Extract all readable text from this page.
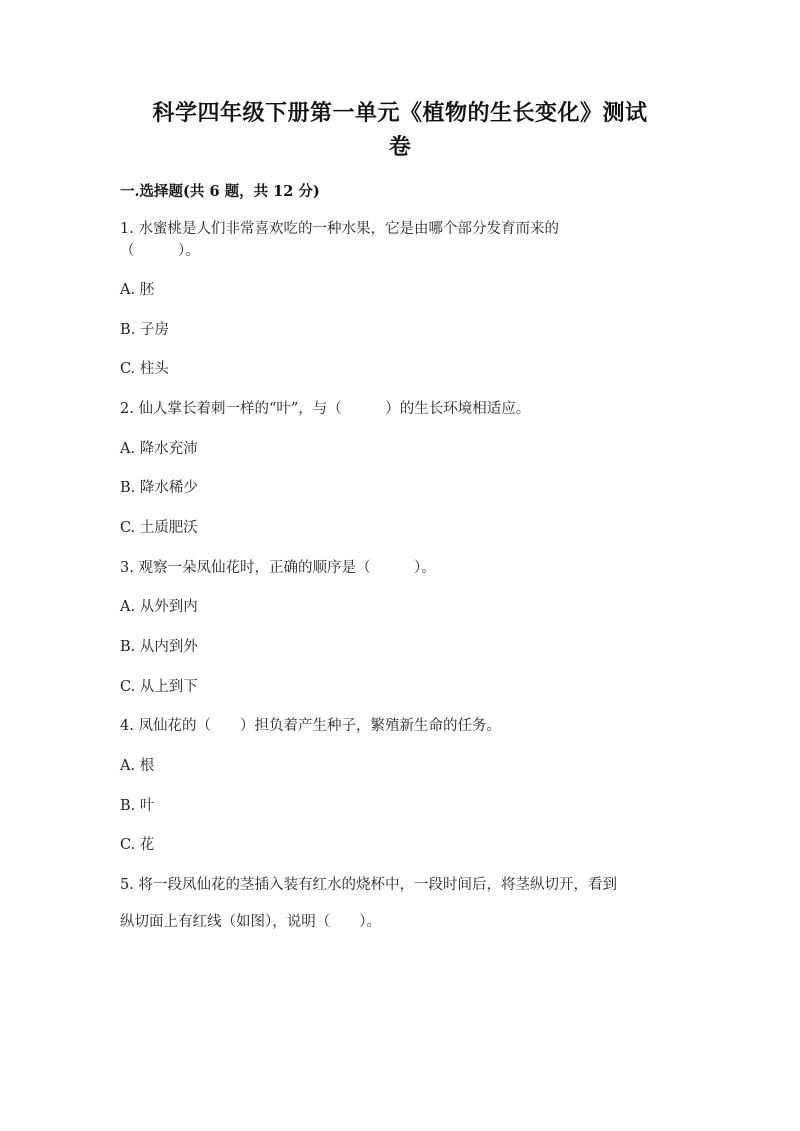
科学四年级下册第一单元《植物的生长变化》测试
卷
一.选择题(共 6 题，共 12 分)
1. 水蜜桃是人们非常喜欢吃的一种水果，它是由哪个部分发育而来的
（　　　）。
A. 胚
B. 子房
C. 柱头
2. 仙人掌长着刺一样的“叶”，与（　　　）的生长环境相适应。
A. 降水充沛
B. 降水稀少
C. 土质肥沃
3. 观察一朵凤仙花时，正确的顺序是（　　　）。
A. 从外到内
B. 从内到外
C. 从上到下
4. 凤仙花的（　　）担负着产生种子，繁殖新生命的任务。
A. 根
B. 叶
C. 花
5. 将一段凤仙花的茎插入装有红水的烧杯中，一段时间后，将茎纵切开，看到
纵切面上有红线（如图），说明（　　）。
